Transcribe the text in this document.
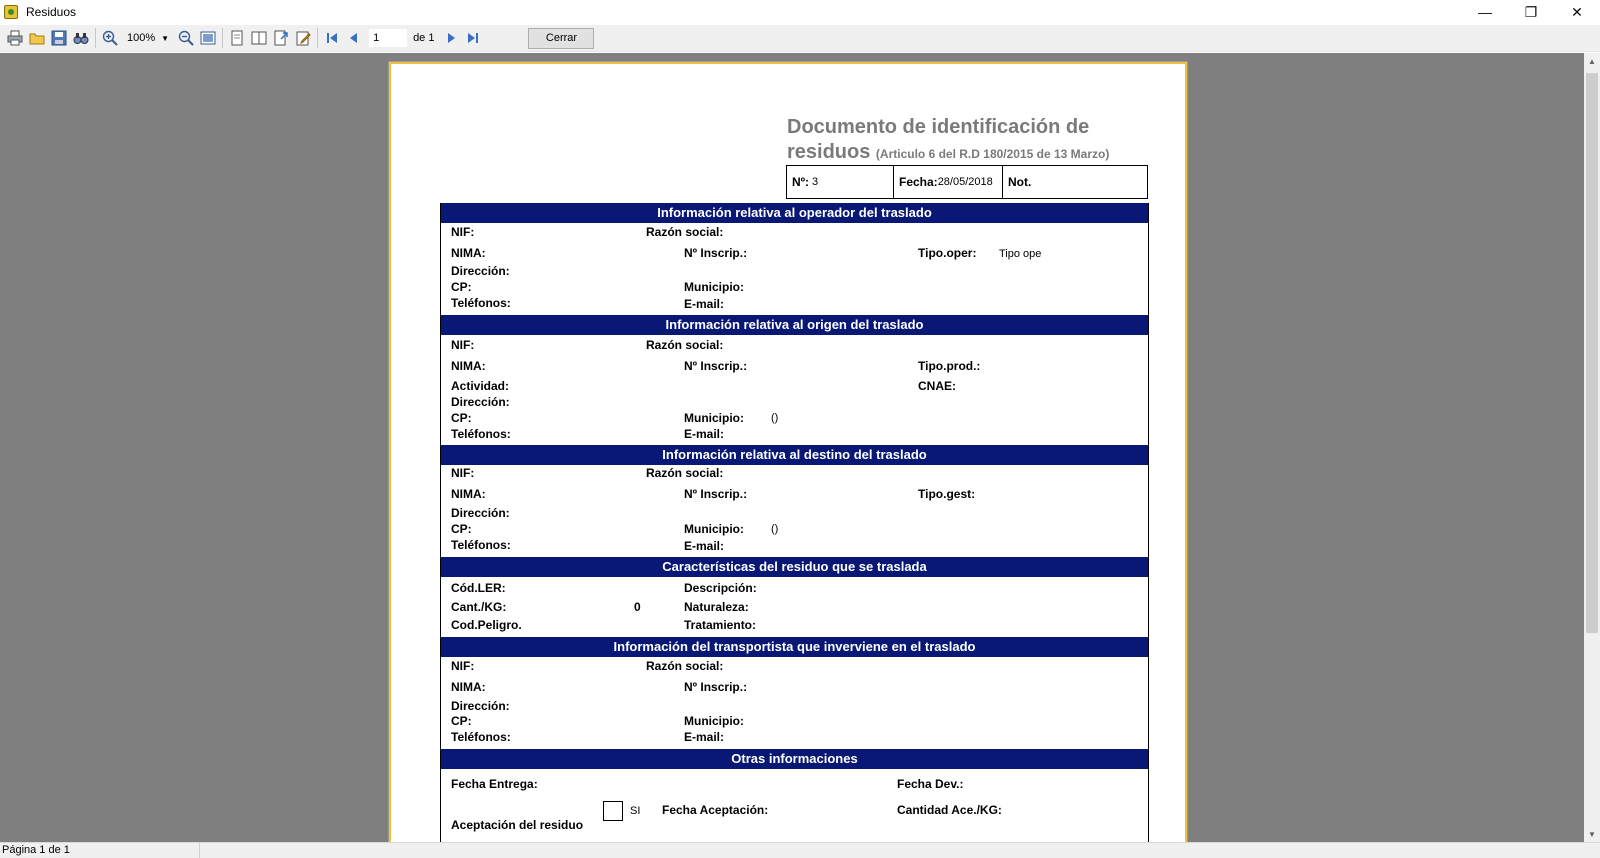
Residuos	—	❐	✕
100% ▼
1	de 1	Cerrar
Documento de identificación de
residuos (Articulo 6 del R.D 180/2015 de 13 Marzo)
Nº: 3	Fecha: 28/05/2018 Not.
Información relativa al operador del traslado
NIF:	Razón social:
NIMA:	Nº Inscrip.:	Tipo.oper: Tipo ope
Dirección:
CP:	Municipio:
Teléfonos:	E-mail:
Información relativa al origen del traslado
NIF:	Razón social:
NIMA:	Nº Inscrip.:	Tipo.prod.:
Actividad:	CNAE:
Dirección:
CP:	Municipio: ()
Teléfonos:	E-mail:
Información relativa al destino del traslado
NIF:	Razón social:
NIMA:	Nº Inscrip.:	Tipo.gest:
Dirección:
CP:	Municipio: ()
Teléfonos:	E-mail:
Características del residuo que se traslada
Cód.LER:	Descripción:
Cant./KG:	0	Naturaleza:
Cod.Peligro.	Tratamiento:
Información del transportista que inverviene en el traslado
NIF:	Razón social:
NIMA:	Nº Inscrip.:
Dirección:
CP:	Municipio:
Teléfonos:	E-mail:
Otras informaciones
Fecha Entrega:	Fecha Dev.:
SI Fecha Aceptación:	Cantidad Ace./KG:
Aceptación del residuo
▲
▼
Página 1 de 1
